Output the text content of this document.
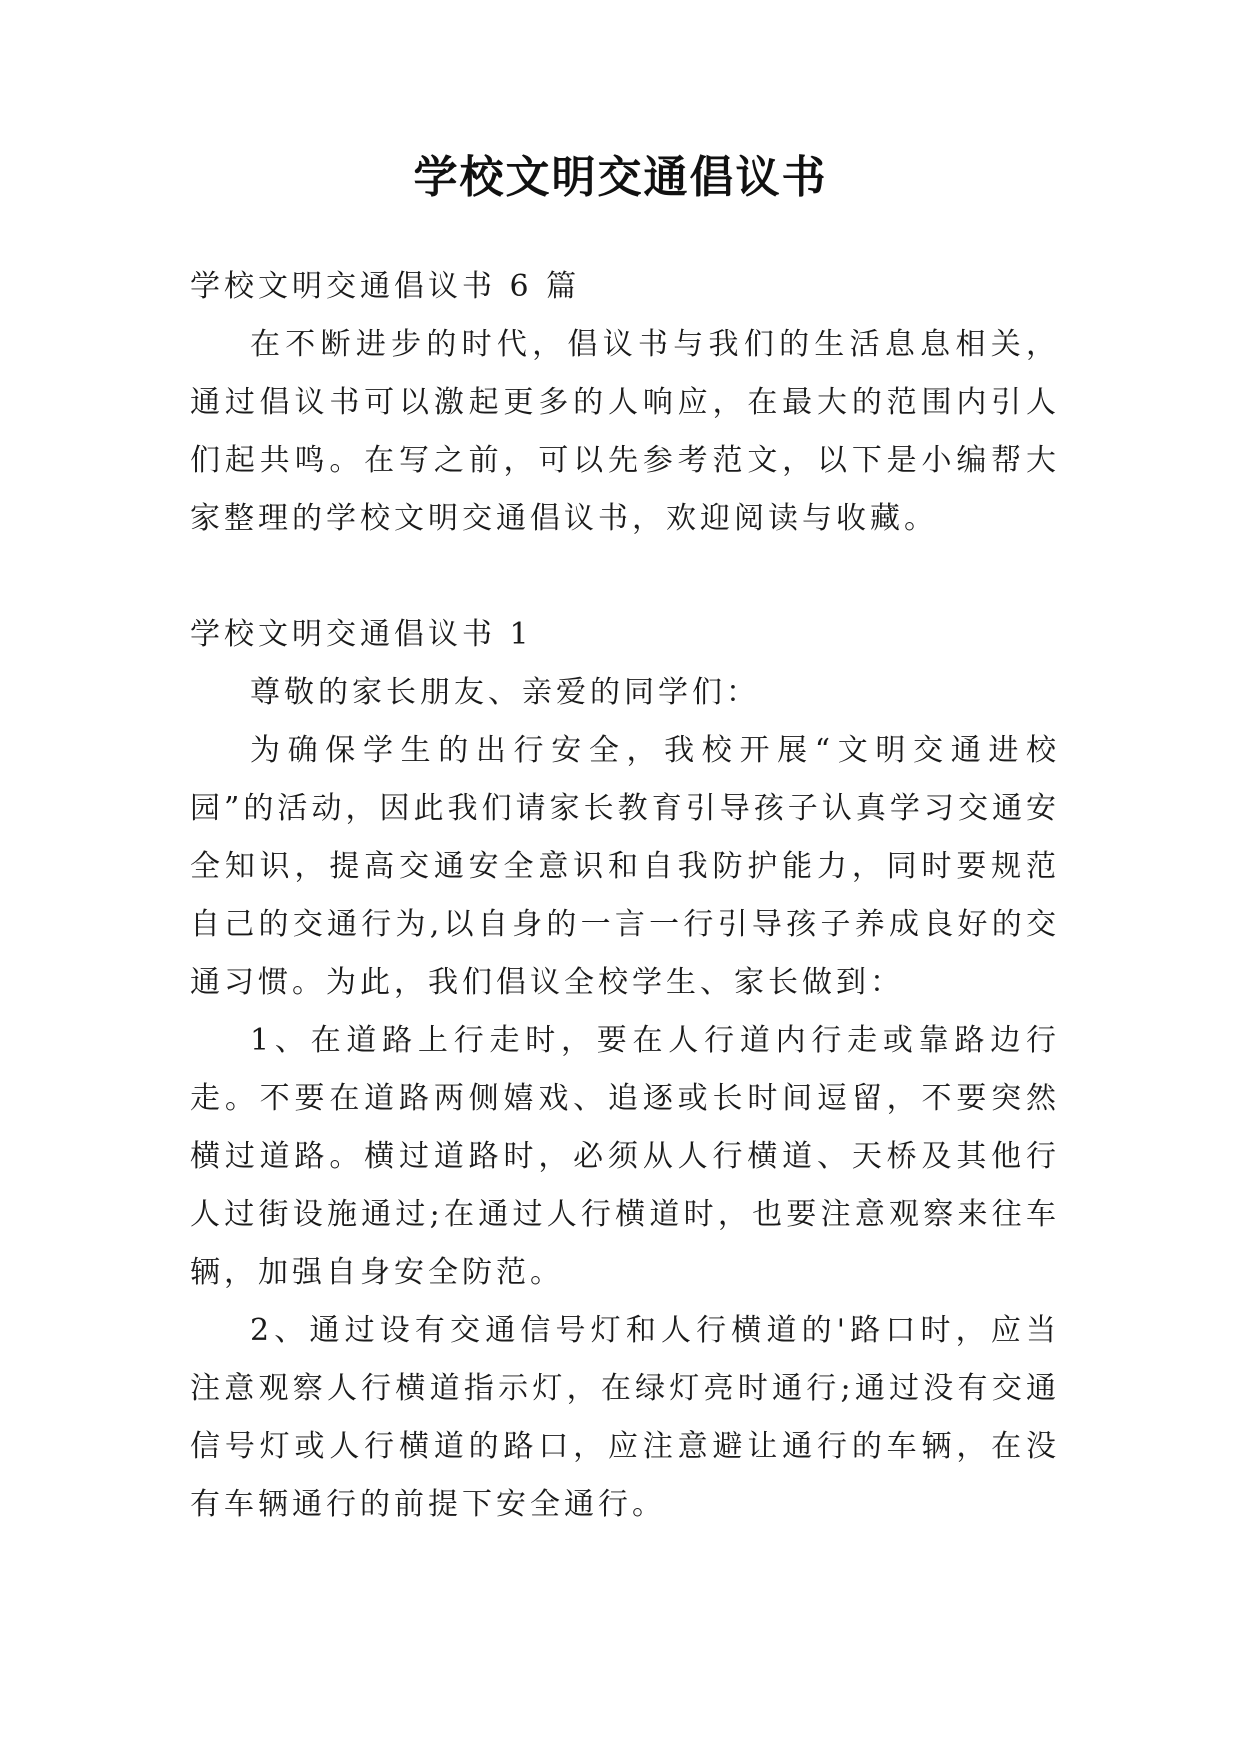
学校文明交通倡议书

学校文明交通倡议书 6 篇

在不断进步的时代，倡议书与我们的生活息息相关，通过倡议书可以激起更多的人响应，在最大的范围内引人们起共鸣。在写之前，可以先参考范文，以下是小编帮大家整理的学校文明交通倡议书，欢迎阅读与收藏。

学校文明交通倡议书 1

尊敬的家长朋友、亲爱的同学们：

为确保学生的出行安全，我校开展“文明交通进校园”的活动，因此我们请家长教育引导孩子认真学习交通安全知识，提高交通安全意识和自我防护能力，同时要规范自己的交通行为,以自身的一言一行引导孩子养成良好的交通习惯。为此，我们倡议全校学生、家长做到：

1、在道路上行走时，要在人行道内行走或靠路边行走。不要在道路两侧嬉戏、追逐或长时间逗留，不要突然横过道路。横过道路时，必须从人行横道、天桥及其他行人过街设施通过;在通过人行横道时，也要注意观察来往车辆，加强自身安全防范。

2、通过设有交通信号灯和人行横道的'路口时，应当注意观察人行横道指示灯，在绿灯亮时通行;通过没有交通信号灯或人行横道的路口，应注意避让通行的车辆，在没有车辆通行的前提下安全通行。
